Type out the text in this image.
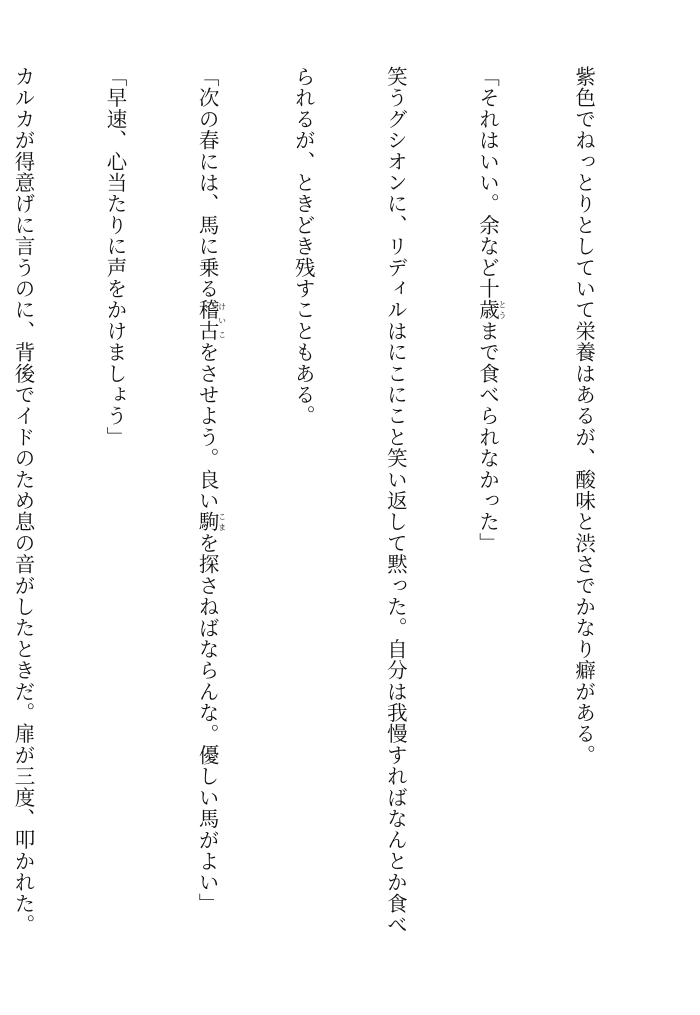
紫色でねっとりとしていて栄養はあるが、酸味と渋さでかなり癖がある。

「それはいい。余など十歳とうまで食べられなかった」

笑うグシオンに、リディルはにこにこと笑い返して黙った。自分は我慢すればなんとか食べ

られるが、ときどき残すこともある。

「次の春には、馬に乗る稽古けいこをさせよう。良い駒こまを探さねばならんな。優しい馬がよい」

「早速、心当たりに声をかけましょう」

カルカが得意げに言うのに、背後でイドのため息の音がしたときだ。扉が三度、叩かれた。
